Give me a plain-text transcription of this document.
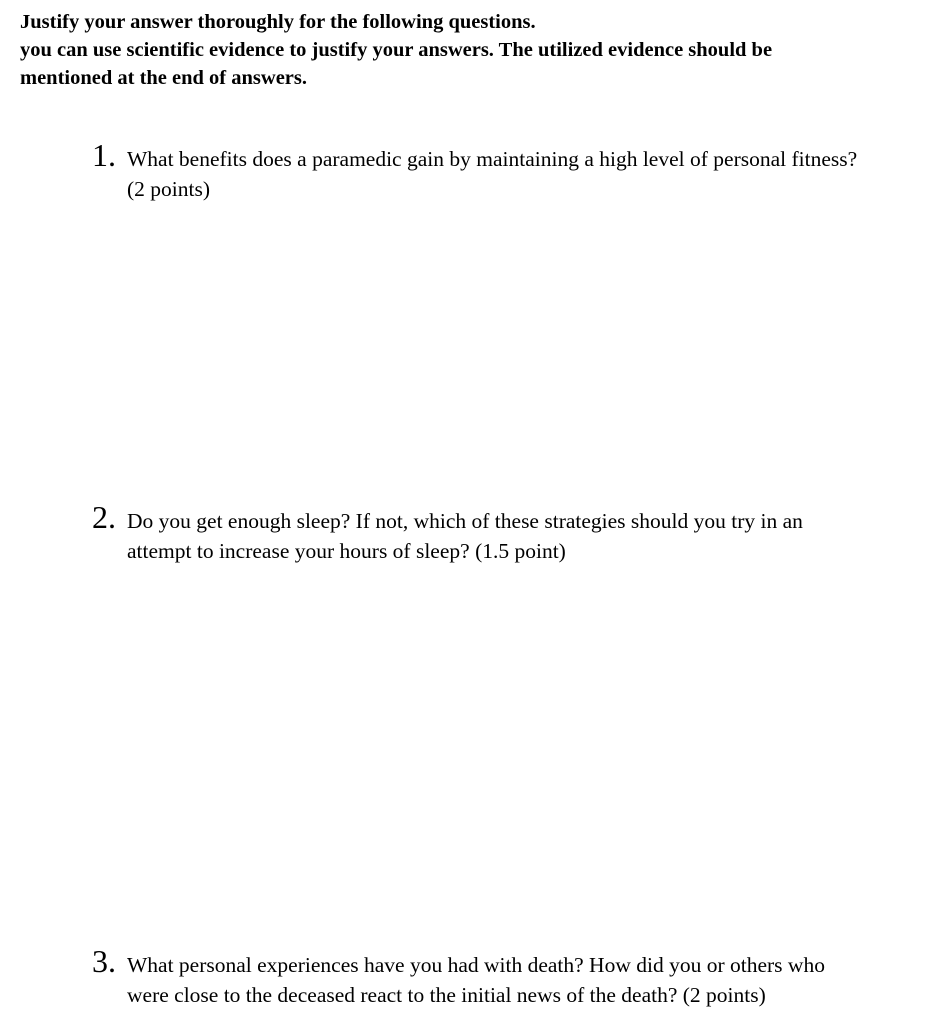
Justify your answer thoroughly for the following questions.
you can use scientific evidence to justify your answers. The utilized evidence should be
mentioned at the end of answers.
1. What benefits does a paramedic gain by maintaining a high level of personal fitness?
(2 points)
2. Do you get enough sleep? If not, which of these strategies should you try in an
attempt to increase your hours of sleep? (1.5 point)
3. What personal experiences have you had with death? How did you or others who
were close to the deceased react to the initial news of the death? (2 points)
